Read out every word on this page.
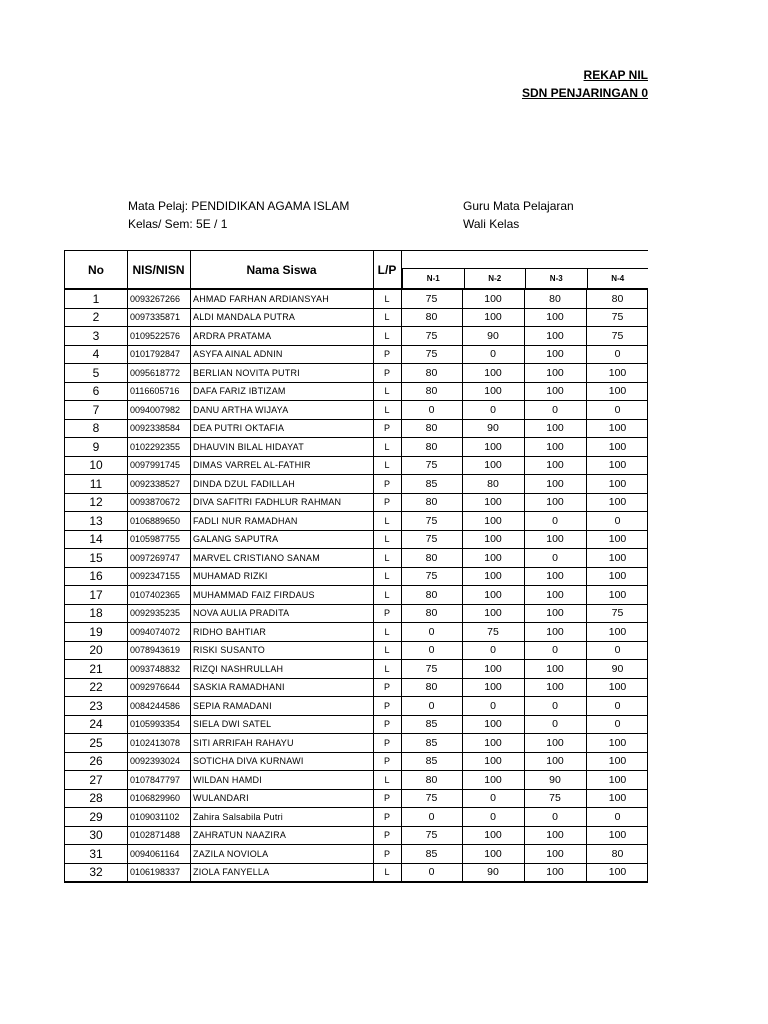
REKAP NIL
SDN PENJARINGAN 0
Mata Pelaj: PENDIDIKAN AGAMA ISLAM
Kelas/ Sem: 5E / 1
Guru Mata Pelajaran
Wali Kelas
No	NIS/NISN	Nama Siswa	L/P
N-1	N-2	N-3	N-4
1	0093267266	AHMAD FARHAN ARDIANSYAH	L	75	100	80	80
2	0097335871	ALDI MANDALA PUTRA	L	80	100	100	75
3	0109522576	ARDRA PRATAMA	L	75	90	100	75
4	0101792847	ASYFA AINAL ADNIN	P	75	0	100	0
5	0095618772	BERLIAN NOVITA PUTRI	P	80	100	100	100
6	0116605716	DAFA FARIZ IBTIZAM	L	80	100	100	100
7	0094007982	DANU ARTHA WIJAYA	L	0	0	0	0
8	0092338584	DEA PUTRI OKTAFIA	P	80	90	100	100
9	0102292355	DHAUVIN BILAL HIDAYAT	L	80	100	100	100
10	0097991745	DIMAS VARREL AL-FATHIR	L	75	100	100	100
11	0092338527	DINDA DZUL FADILLAH	P	85	80	100	100
12	0093870672	DIVA SAFITRI FADHLUR RAHMAN	P	80	100	100	100
13	0106889650	FADLI NUR RAMADHAN	L	75	100	0	0
14	0105987755	GALANG SAPUTRA	L	75	100	100	100
15	0097269747	MARVEL CRISTIANO SANAM	L	80	100	0	100
16	0092347155	MUHAMAD RIZKI	L	75	100	100	100
17	0107402365	MUHAMMAD FAIZ FIRDAUS	L	80	100	100	100
18	0092935235	NOVA AULIA PRADITA	P	80	100	100	75
19	0094074072	RIDHO BAHTIAR	L	0	75	100	100
20	0078943619	RISKI SUSANTO	L	0	0	0	0
21	0093748832	RIZQI NASHRULLAH	L	75	100	100	90
22	0092976644	SASKIA RAMADHANI	P	80	100	100	100
23	0084244586	SEPIA RAMADANI	P	0	0	0	0
24	0105993354	SIELA DWI SATEL	P	85	100	0	0
25	0102413078	SITI ARRIFAH RAHAYU	P	85	100	100	100
26	0092393024	SOTICHA DIVA KURNAWI	P	85	100	100	100
27	0107847797	WILDAN HAMDI	L	80	100	90	100
28	0106829960	WULANDARI	P	75	0	75	100
29	0109031102	Zahira Salsabila Putri	P	0	0	0	0
30	0102871488	ZAHRATUN NAAZIRA	P	75	100	100	100
31	0094061164	ZAZILA NOVIOLA	P	85	100	100	80
32	0106198337	ZIOLA FANYELLA	L	0	90	100	100
